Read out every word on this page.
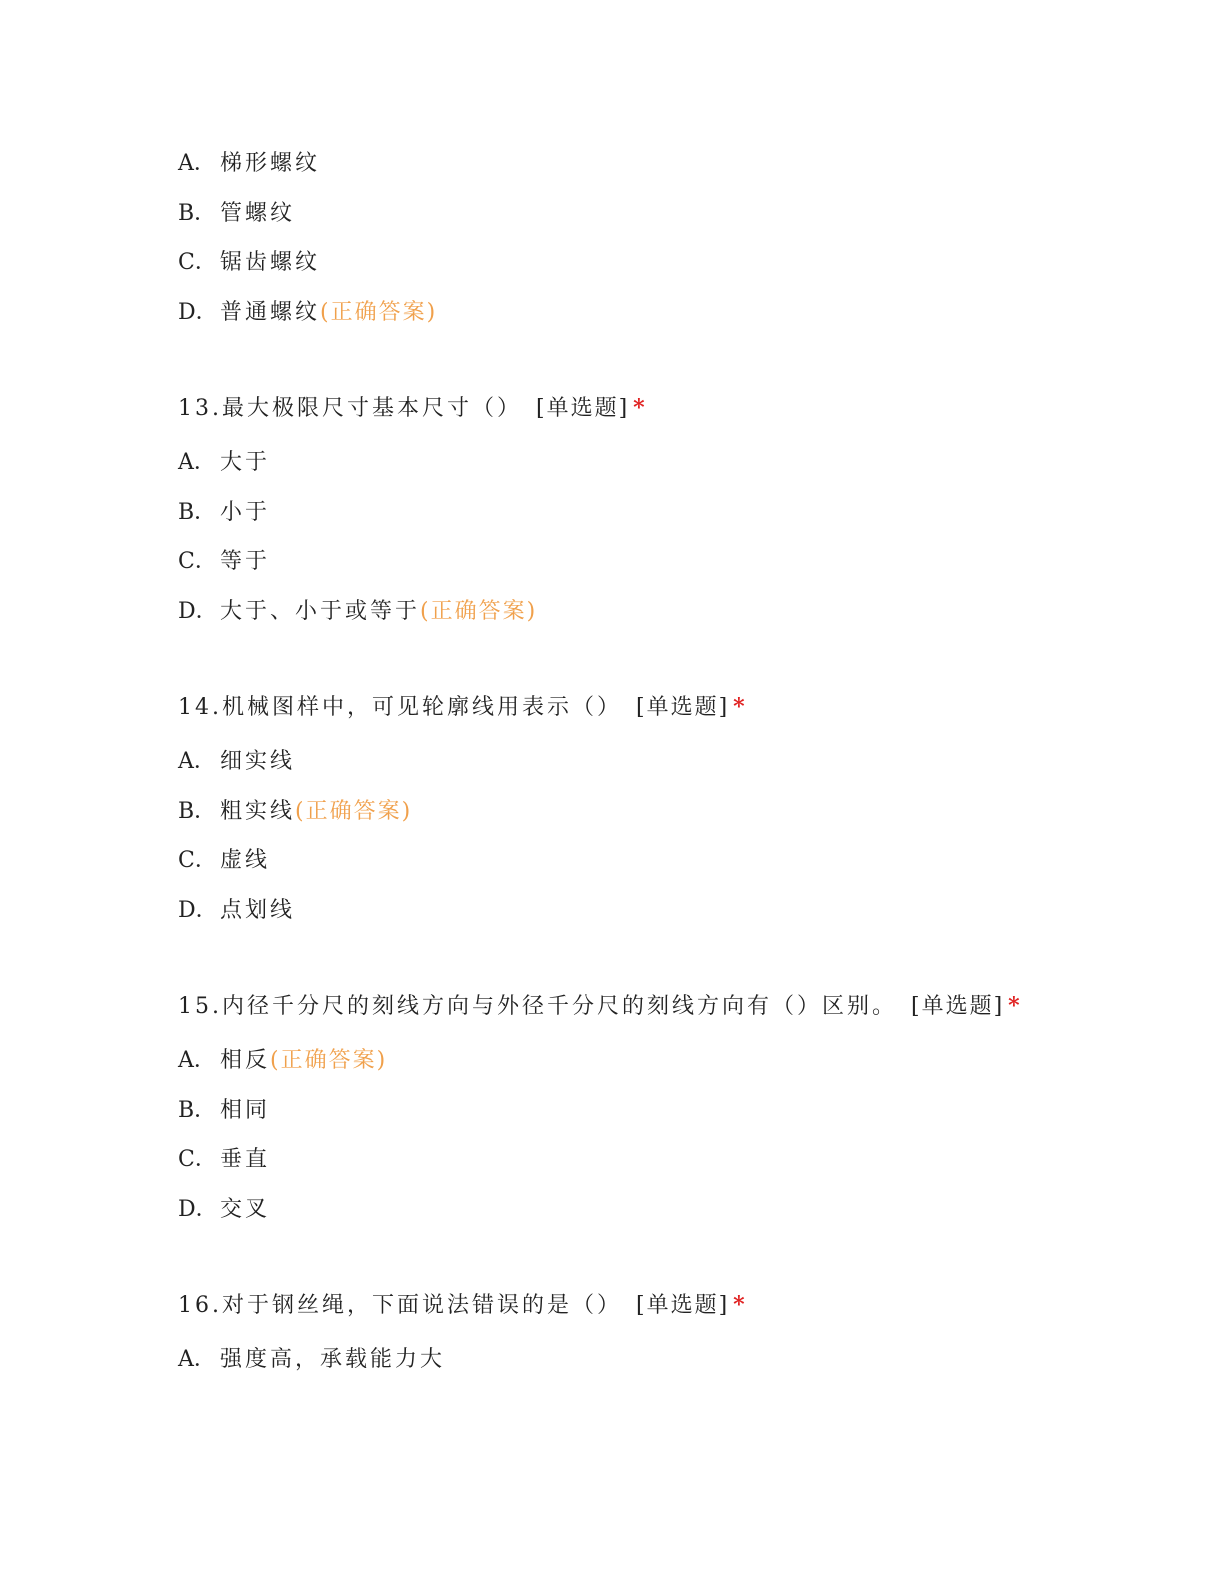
A． 梯形螺纹
B． 管螺纹
C． 锯齿螺纹
D． 普通螺纹(正确答案)
13.最大极限尺寸基本尺寸（） [单选题] *
A． 大于
B． 小于
C． 等于
D． 大于、小于或等于(正确答案)
14.机械图样中，可见轮廓线用表示（） [单选题] *
A． 细实线
B． 粗实线(正确答案)
C． 虚线
D． 点划线
15.内径千分尺的刻线方向与外径千分尺的刻线方向有（）区别。 [单选题] *
A． 相反(正确答案)
B． 相同
C． 垂直
D． 交叉
16.对于钢丝绳，下面说法错误的是（） [单选题] *
A． 强度高，承载能力大
